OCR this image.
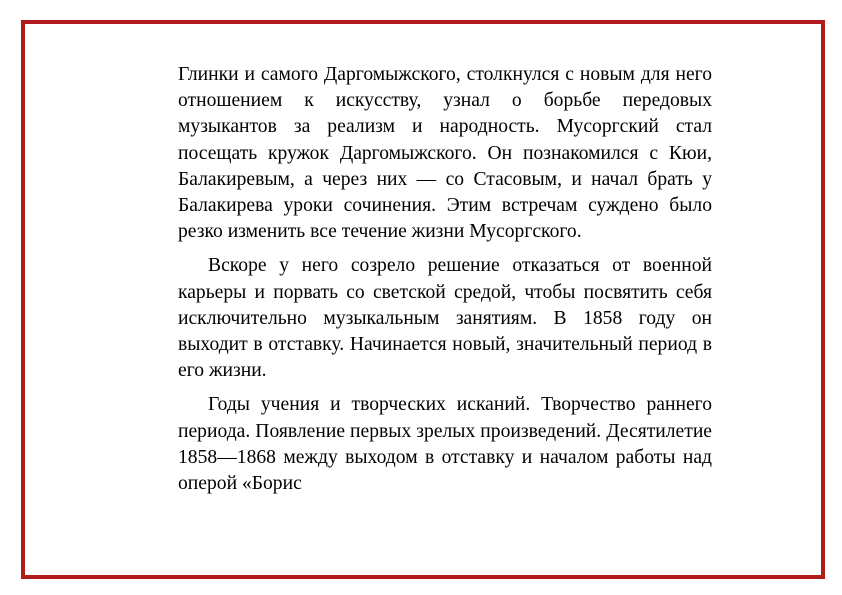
Глинки и самого Даргомыжского, столкнулся с новым для него отношением к искусству, узнал о борьбе передовых музыкантов за реализм и народность. Мусоргский стал посещать кружок Даргомыжского. Он познакомился с Кюи, Балакиревым, а через них — со Стасовым, и начал брать у Балакирева уроки сочинения. Этим встречам суждено было резко изменить все течение жизни Мусоргского.

Вскоре у него созрело решение отказаться от военной карьеры и порвать со светской средой, чтобы посвятить себя исключительно музыкальным занятиям. В 1858 году он выходит в отставку. Начинается новый, значительный период в его жизни.

Годы учения и творческих исканий. Творчество раннего периода. Появление первых зрелых произведений. Десятилетие 1858—1868 между выходом в отставку и началом работы над оперой «Борис
